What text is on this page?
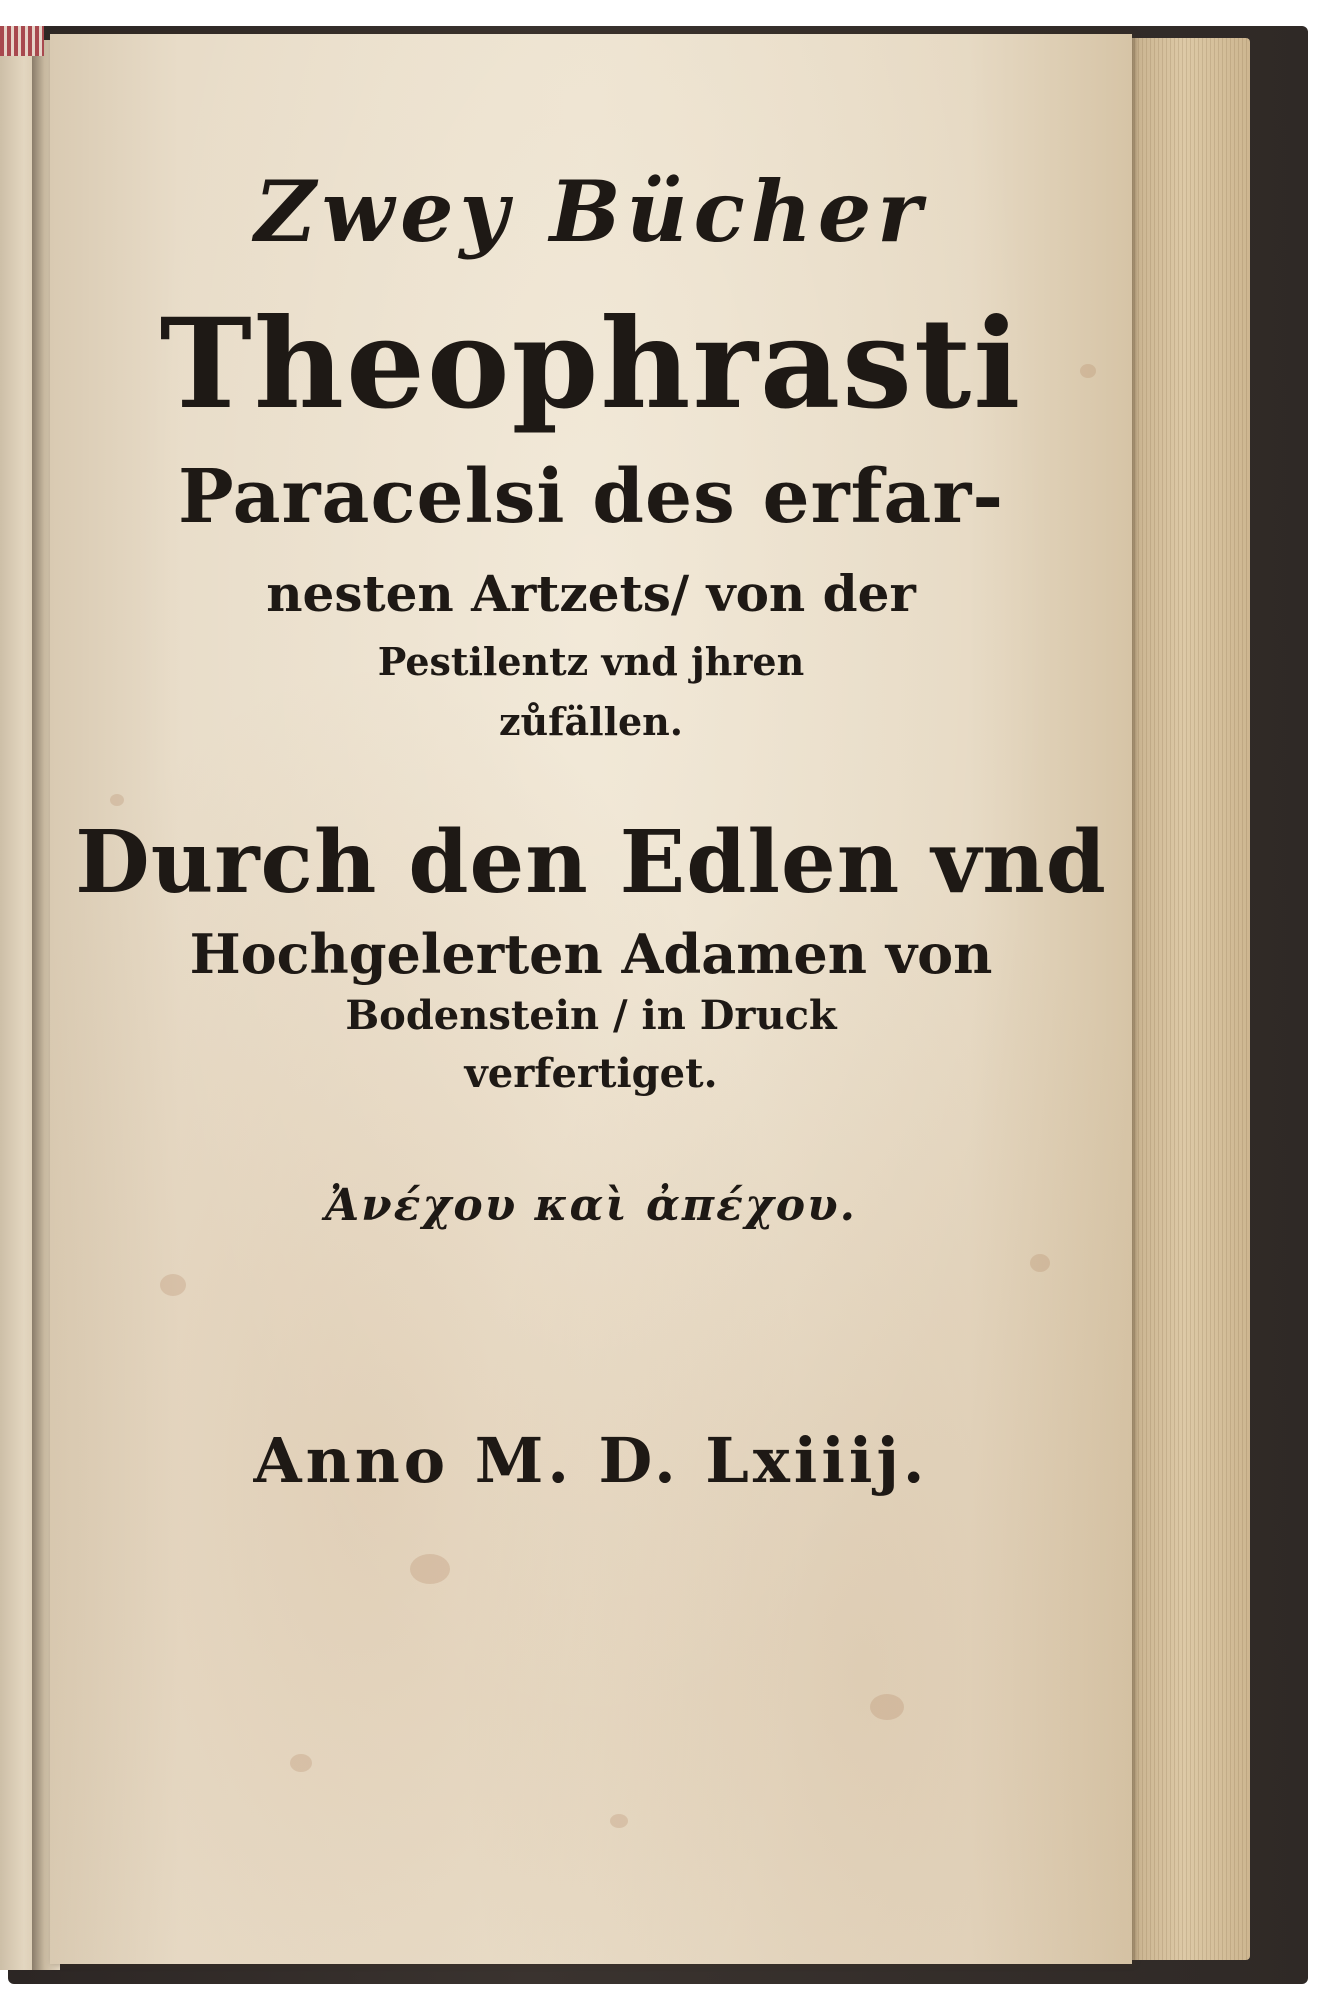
Zwey Bücher
Theophrasti
Paracelsi des erfar-
nesten Artzets/ von der
Pestilentz vnd jhren
zůfällen.
Durch den Edlen vnd
Hochgelerten Adamen von
Bodenstein / in Druck
verfertiget.
Ἀνέχου καὶ ἀπέχου.
Anno M. D. Lxiiij.
